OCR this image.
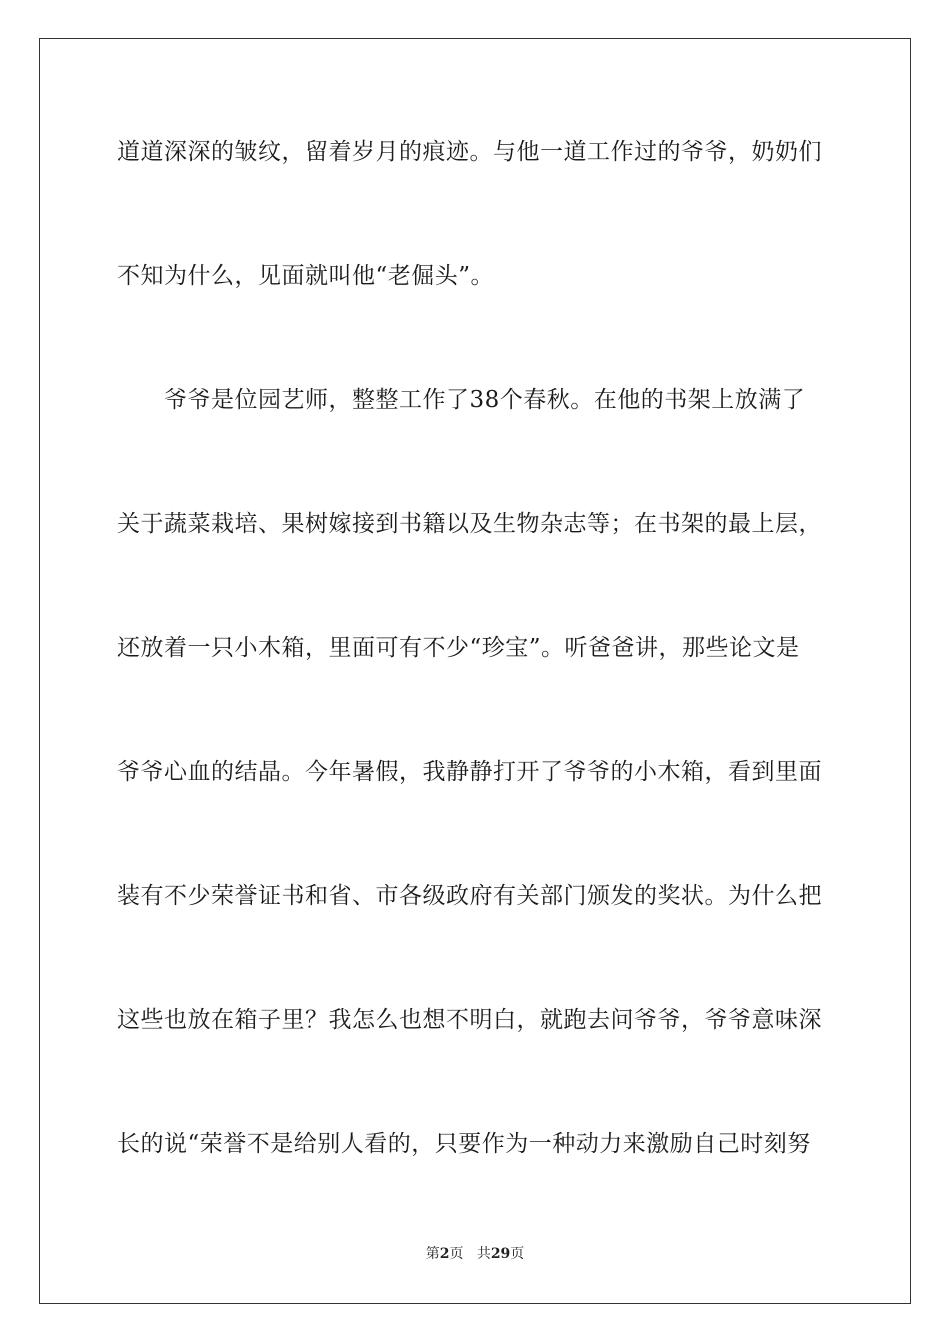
道道深深的皱纹，留着岁月的痕迹。与他一道工作过的爷爷，奶奶们
不知为什么，见面就叫他“老倔头”。
爷爷是位园艺师，整整工作了38个春秋。在他的书架上放满了
关于蔬菜栽培、果树嫁接到书籍以及生物杂志等；在书架的最上层，
还放着一只小木箱，里面可有不少“珍宝”。听爸爸讲，那些论文是
爷爷心血的结晶。今年暑假，我静静打开了爷爷的小木箱，看到里面
装有不少荣誉证书和省、市各级政府有关部门颁发的奖状。为什么把
这些也放在箱子里？我怎么也想不明白，就跑去问爷爷，爷爷意味深
长的说“荣誉不是给别人看的，只要作为一种动力来激励自己时刻努
第2页 共29页
